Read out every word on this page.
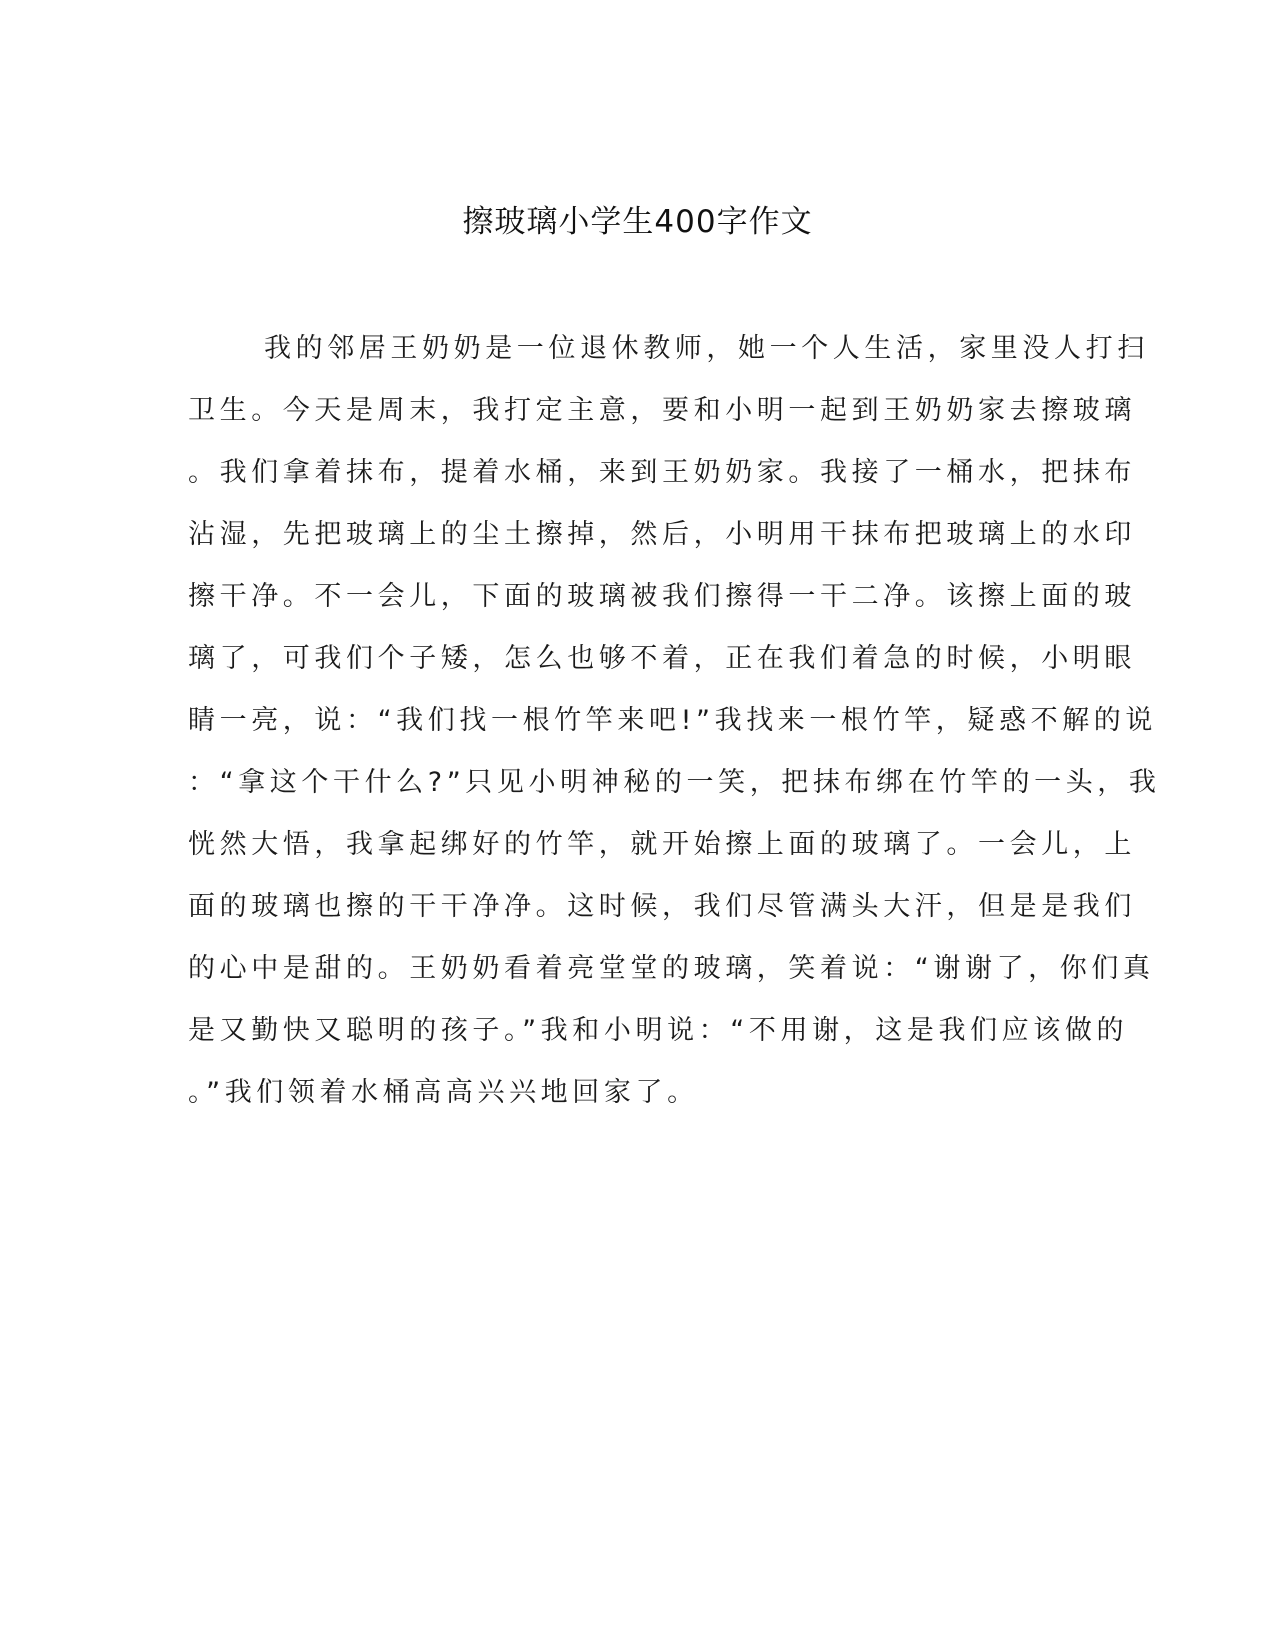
擦玻璃小学生400字作文
我的邻居王奶奶是一位退休教师，她一个人生活，家里没人打扫
卫生。今天是周末，我打定主意，要和小明一起到王奶奶家去擦玻璃
。我们拿着抹布，提着水桶，来到王奶奶家。我接了一桶水，把抹布
沾湿，先把玻璃上的尘土擦掉，然后，小明用干抹布把玻璃上的水印
擦干净。不一会儿，下面的玻璃被我们擦得一干二净。该擦上面的玻
璃了，可我们个子矮，怎么也够不着，正在我们着急的时候，小明眼
睛一亮，说：“我们找一根竹竿来吧!”我找来一根竹竿，疑惑不解的说
：“拿这个干什么?”只见小明神秘的一笑，把抹布绑在竹竿的一头，我
恍然大悟，我拿起绑好的竹竿，就开始擦上面的玻璃了。一会儿，上
面的玻璃也擦的干干净净。这时候，我们尽管满头大汗，但是是我们
的心中是甜的。王奶奶看着亮堂堂的玻璃，笑着说：“谢谢了，你们真
是又勤快又聪明的孩子。”我和小明说：“不用谢，这是我们应该做的
。”我们领着水桶高高兴兴地回家了。
